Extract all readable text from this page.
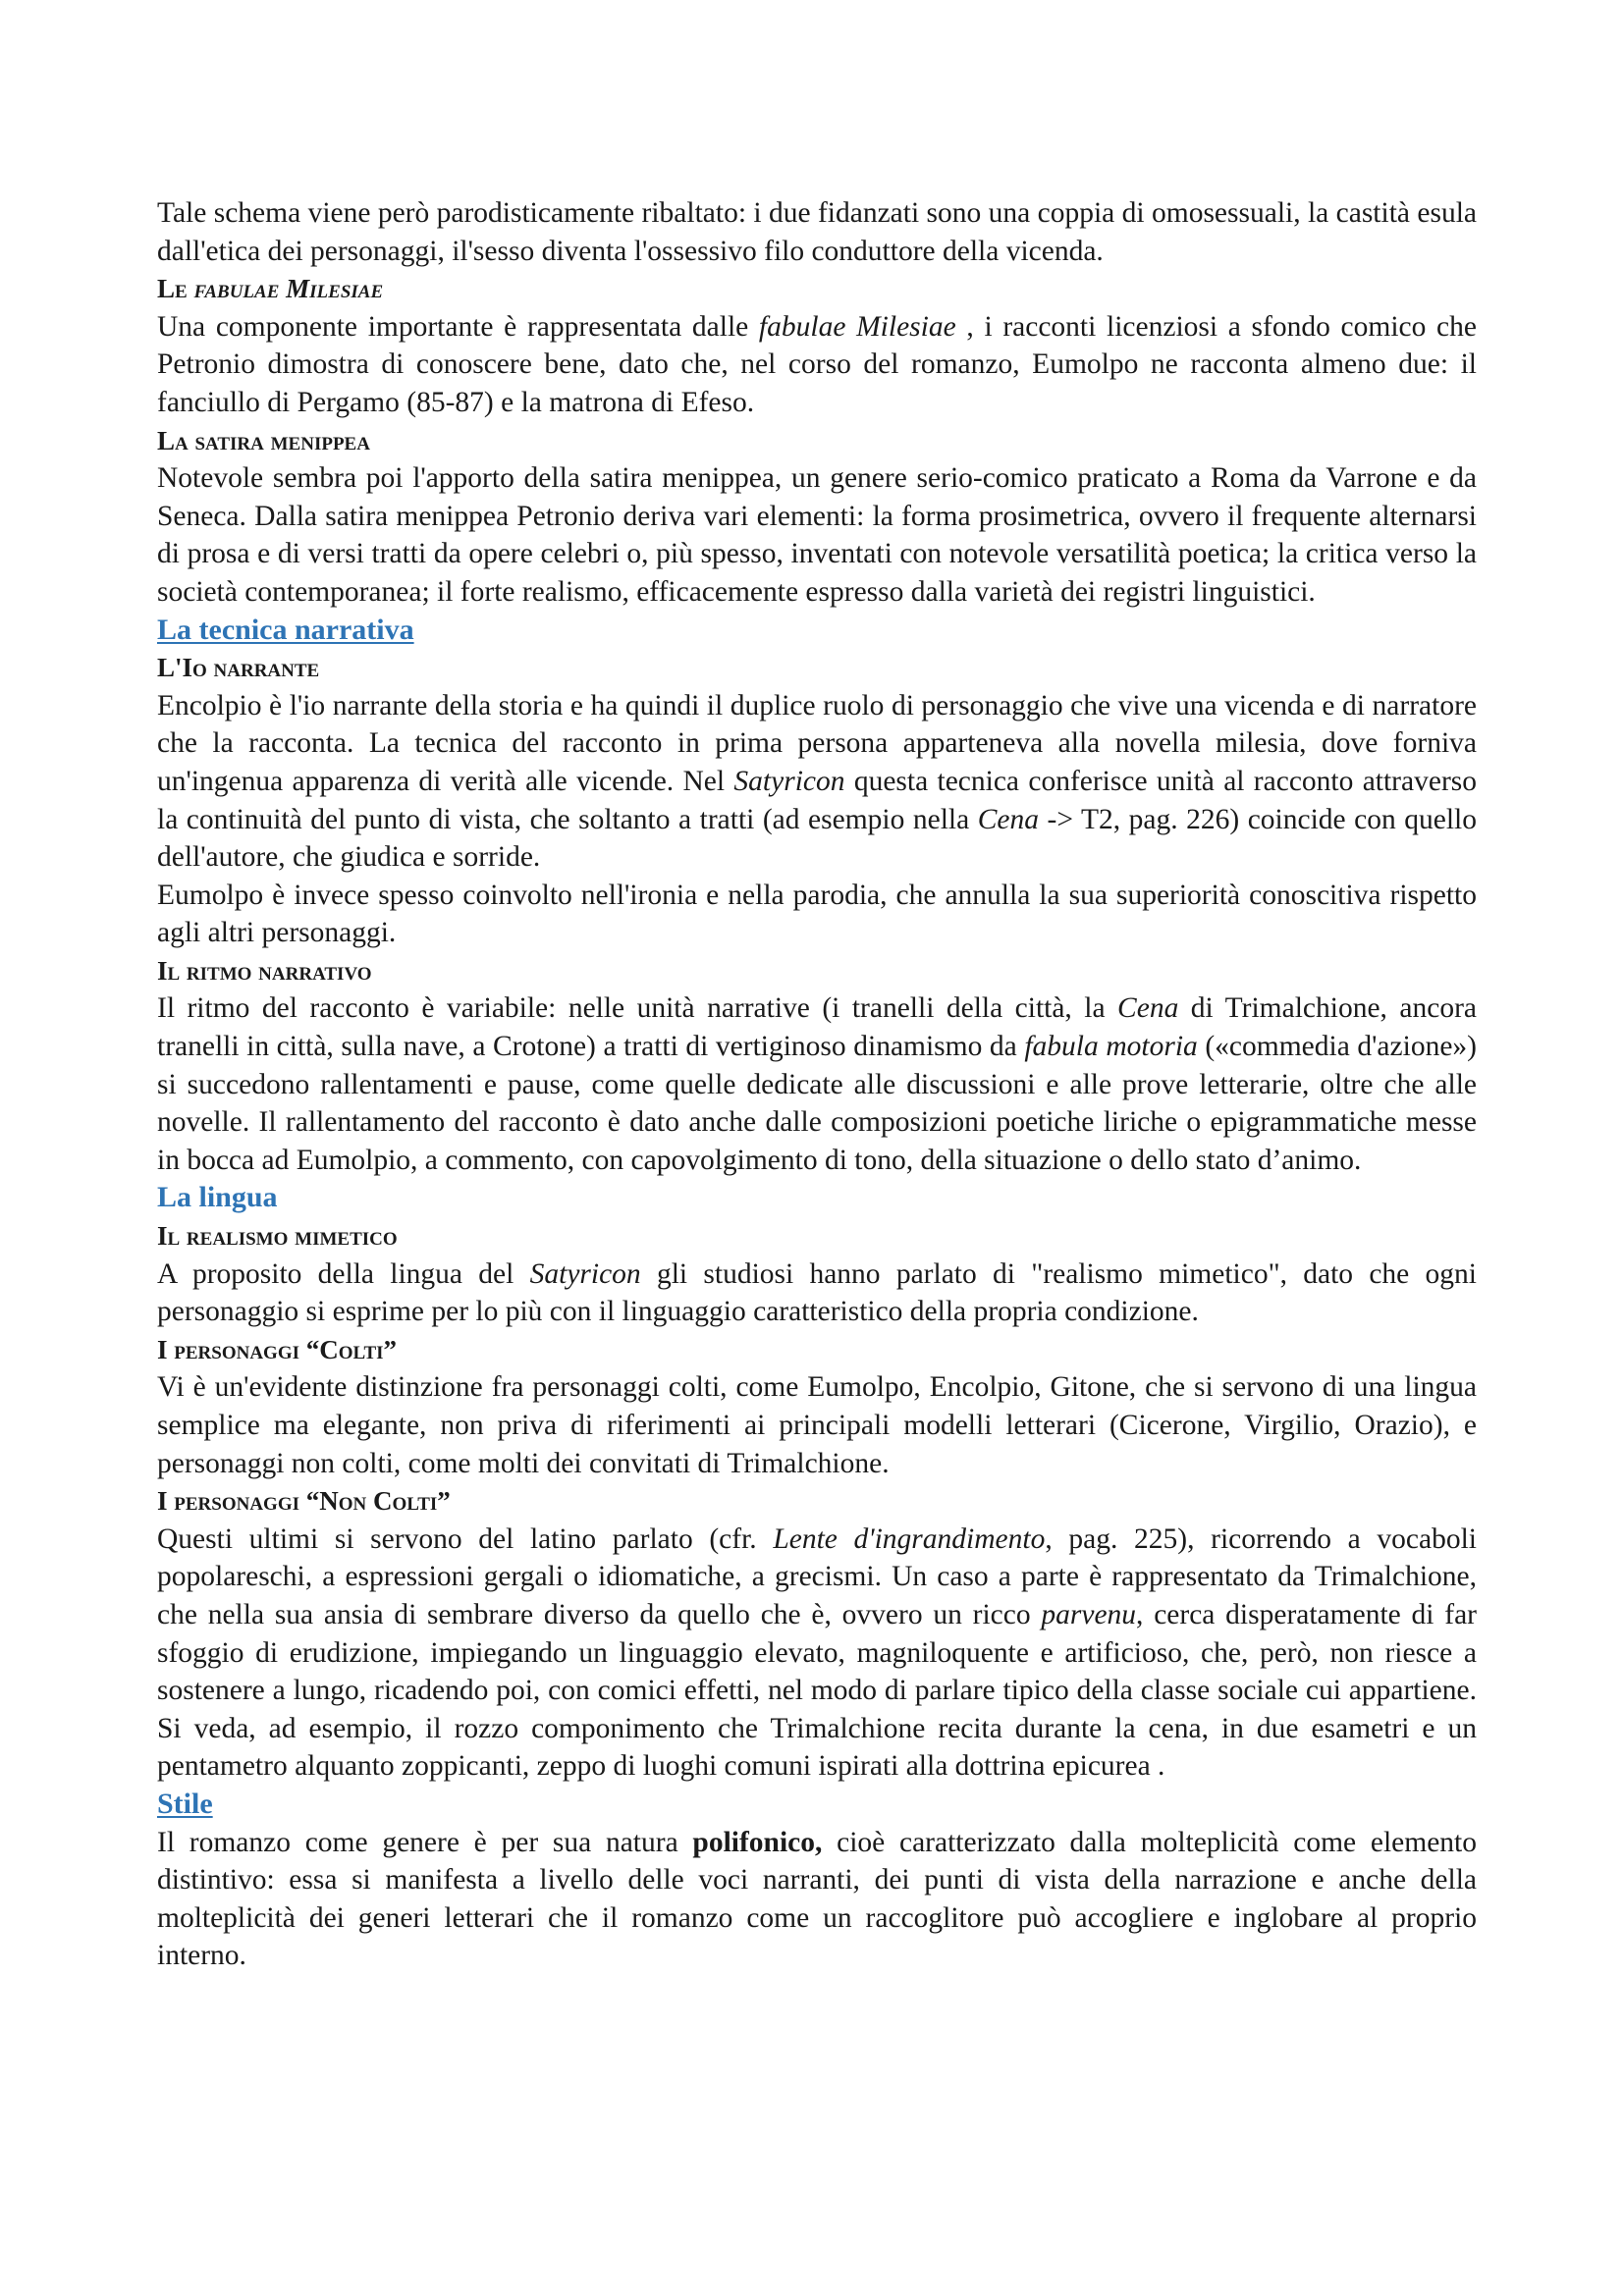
Tale schema viene però parodisticamente ribaltato: i due fidanzati sono una coppia di omosessuali, la castità esula dall'etica dei personaggi, il'sesso diventa l'ossessivo filo conduttore della vicenda.

Le fabulae Milesiae

Una componente importante è rappresentata dalle fabulae Milesiae , i racconti licenziosi a sfondo comico che Petronio dimostra di conoscere bene, dato che, nel corso del romanzo, Eumolpo ne racconta almeno due: il fanciullo di Pergamo (85-87) e la matrona di Efeso.

La satira menippea

Notevole sembra poi l'apporto della satira menippea, un genere serio-comico praticato a Roma da Varrone e da Seneca. Dalla satira menippea Petronio deriva vari elementi: la forma prosimetrica, ovvero il frequente alternarsi di prosa e di versi tratti da opere celebri o, più spesso, inventati con notevole versatilità poetica; la critica verso la società contemporanea; il forte realismo, efficacemente espresso dalla varietà dei registri linguistici.

La tecnica narrativa
L'Io narrante

Encolpio è l'io narrante della storia e ha quindi il duplice ruolo di personaggio che vive una vicenda e di narratore che la racconta. La tecnica del racconto in prima persona apparteneva alla novella milesia, dove forniva un'ingenua apparenza di verità alle vicende. Nel Satyricon questa tecnica conferisce unità al racconto attraverso la continuità del punto di vista, che soltanto a tratti (ad esempio nella Cena -> T2, pag. 226) coincide con quello dell'autore, che giudica e sorride.

Eumolpo è invece spesso coinvolto nell'ironia e nella parodia, che annulla la sua superiorità conoscitiva rispetto agli altri personaggi.

Il ritmo narrativo

Il ritmo del racconto è variabile: nelle unità narrative (i tranelli della città, la Cena di Trimalchione, ancora tranelli in città, sulla nave, a Crotone) a tratti di vertiginoso dinamismo da fabula motoria («commedia d'azione») si succedono rallentamenti e pause, come quelle dedicate alle discussioni e alle prove letterarie, oltre che alle novelle. Il rallentamento del racconto è dato anche dalle composizioni poetiche liriche o epigrammatiche messe in bocca ad Eumolpio, a commento, con capovolgimento di tono, della situazione o dello stato d’animo.

La lingua
Il realismo mimetico

A proposito della lingua del Satyricon gli studiosi hanno parlato di "realismo mimetico", dato che ogni personaggio si esprime per lo più con il linguaggio caratteristico della propria condizione.

I personaggi “Colti”

Vi è un'evidente distinzione fra personaggi colti, come Eumolpo, Encolpio, Gitone, che si servono di una lingua semplice ma elegante, non priva di riferimenti ai principali modelli letterari (Cicerone, Virgilio, Orazio), e personaggi non colti, come molti dei convitati di Trimalchione.

I personaggi “Non Colti”

Questi ultimi si servono del latino parlato (cfr. Lente d'ingrandimento, pag. 225), ricorrendo a vocaboli popolareschi, a espressioni gergali o idiomatiche, a grecismi. Un caso a parte è rappresentato da Trimalchione, che nella sua ansia di sembrare diverso da quello che è, ovvero un ricco parvenu, cerca disperatamente di far sfoggio di erudizione, impiegando un linguaggio elevato, magniloquente e artificioso, che, però, non riesce a sostenere a lungo, ricadendo poi, con comici effetti, nel modo di parlare tipico della classe sociale cui appartiene. Si veda, ad esempio, il rozzo componimento che Trimalchione recita durante la cena, in due esametri e un pentametro alquanto zoppicanti, zeppo di luoghi comuni ispirati alla dottrina epicurea .

Stile

Il romanzo come genere è per sua natura polifonico, cioè caratterizzato dalla molteplicità come elemento distintivo: essa si manifesta a livello delle voci narranti, dei punti di vista della narrazione e anche della molteplicità dei generi letterari che il romanzo come un raccoglitore può accogliere e inglobare al proprio interno.
